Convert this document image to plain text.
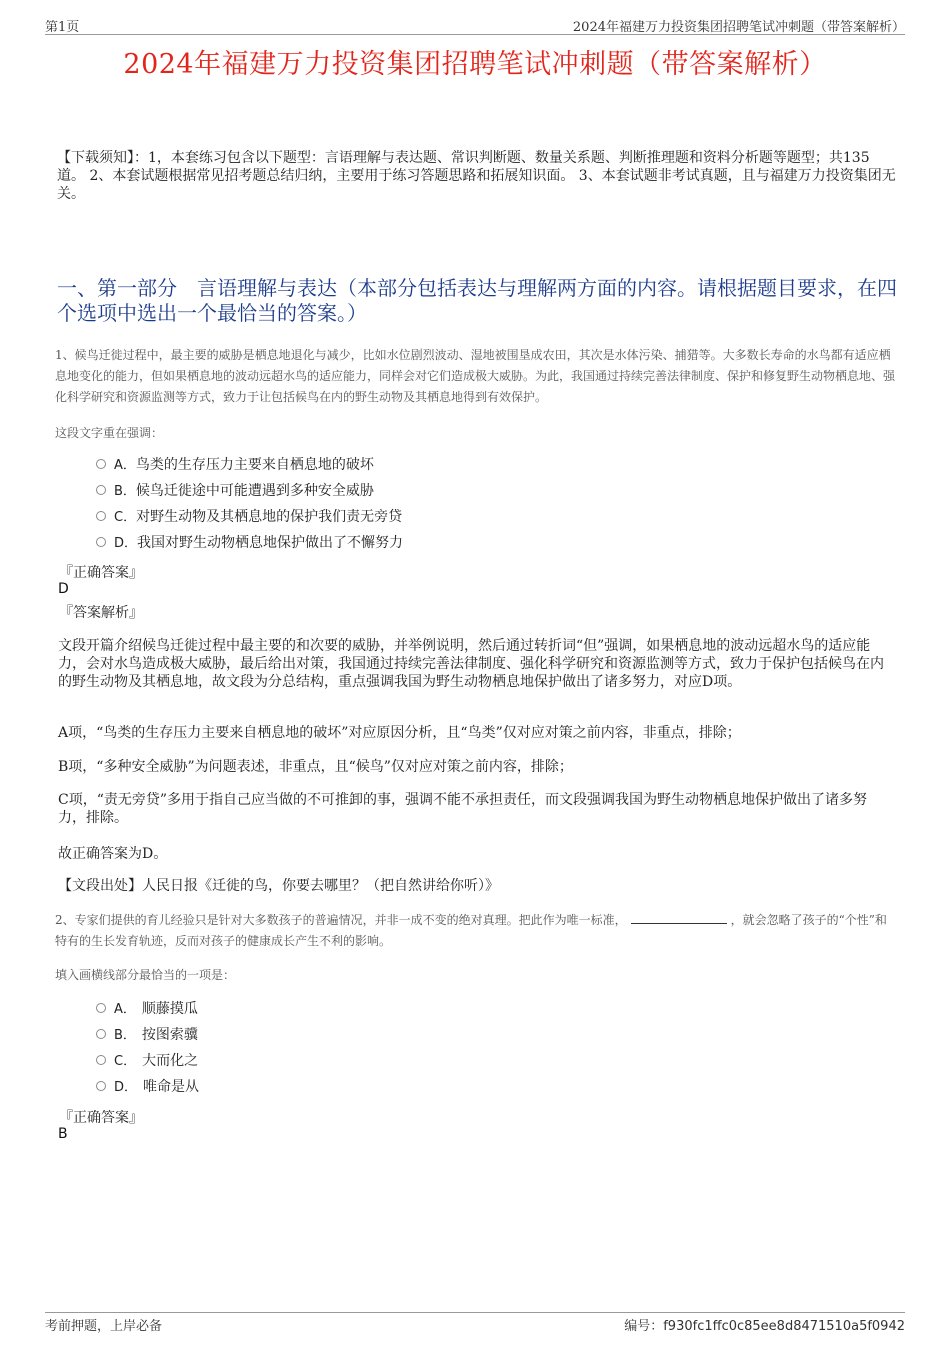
第1页	2024年福建万力投资集团招聘笔试冲刺题（带答案解析）
2024年福建万力投资集团招聘笔试冲刺题（带答案解析）
【下载须知】：1，本套练习包含以下题型：言语理解与表达题、常识判断题、数量关系题、判断推理题和资料分析题等题型；共135道。 2、本套试题根据常见招考题总结归纳，主要用于练习答题思路和拓展知识面。 3、本套试题非考试真题，且与福建万力投资集团无关。
一、第一部分　言语理解与表达（本部分包括表达与理解两方面的内容。请根据题目要求，在四个选项中选出一个最恰当的答案。）
1、候鸟迁徙过程中，最主要的威胁是栖息地退化与减少，比如水位剧烈波动、湿地被围垦成农田，其次是水体污染、捕猎等。大多数长寿命的水鸟都有适应栖息地变化的能力，但如果栖息地的波动远超水鸟的适应能力，同样会对它们造成极大威胁。为此，我国通过持续完善法律制度、保护和修复野生动物栖息地、强化科学研究和资源监测等方式，致力于让包括候鸟在内的野生动物及其栖息地得到有效保护。
这段文字重在强调：
A．鸟类的生存压力主要来自栖息地的破坏
B．候鸟迁徙途中可能遭遇到多种安全威胁
C．对野生动物及其栖息地的保护我们责无旁贷
D．我国对野生动物栖息地保护做出了不懈努力
『正确答案』
D
『答案解析』
文段开篇介绍候鸟迁徙过程中最主要的和次要的威胁，并举例说明，然后通过转折词“但”强调，如果栖息地的波动远超水鸟的适应能力，会对水鸟造成极大威胁，最后给出对策，我国通过持续完善法律制度、强化科学研究和资源监测等方式，致力于保护包括候鸟在内的野生动物及其栖息地，故文段为分总结构，重点强调我国为野生动物栖息地保护做出了诸多努力，对应D项。
A项，“鸟类的生存压力主要来自栖息地的破坏”对应原因分析，且“鸟类”仅对应对策之前内容，非重点，排除；
B项，“多种安全威胁”为问题表述，非重点，且“候鸟”仅对应对策之前内容，排除；
C项，“责无旁贷”多用于指自己应当做的不可推卸的事，强调不能不承担责任，而文段强调我国为野生动物栖息地保护做出了诸多努力，排除。
故正确答案为D。
【文段出处】人民日报《迁徙的鸟，你要去哪里？（把自然讲给你听）》
2、专家们提供的育儿经验只是针对大多数孩子的普遍情况，并非一成不变的绝对真理。把此作为唯一标准，	，就会忽略了孩子的“个性”和特有的生长发育轨迹，反而对孩子的健康成长产生不利的影响。
填入画横线部分最恰当的一项是：
A． 顺藤摸瓜
B． 按图索骥
C． 大而化之
D． 唯命是从
『正确答案』
B
考前押题，上岸必备	编号：f930fc1ffc0c85ee8d8471510a5f0942
